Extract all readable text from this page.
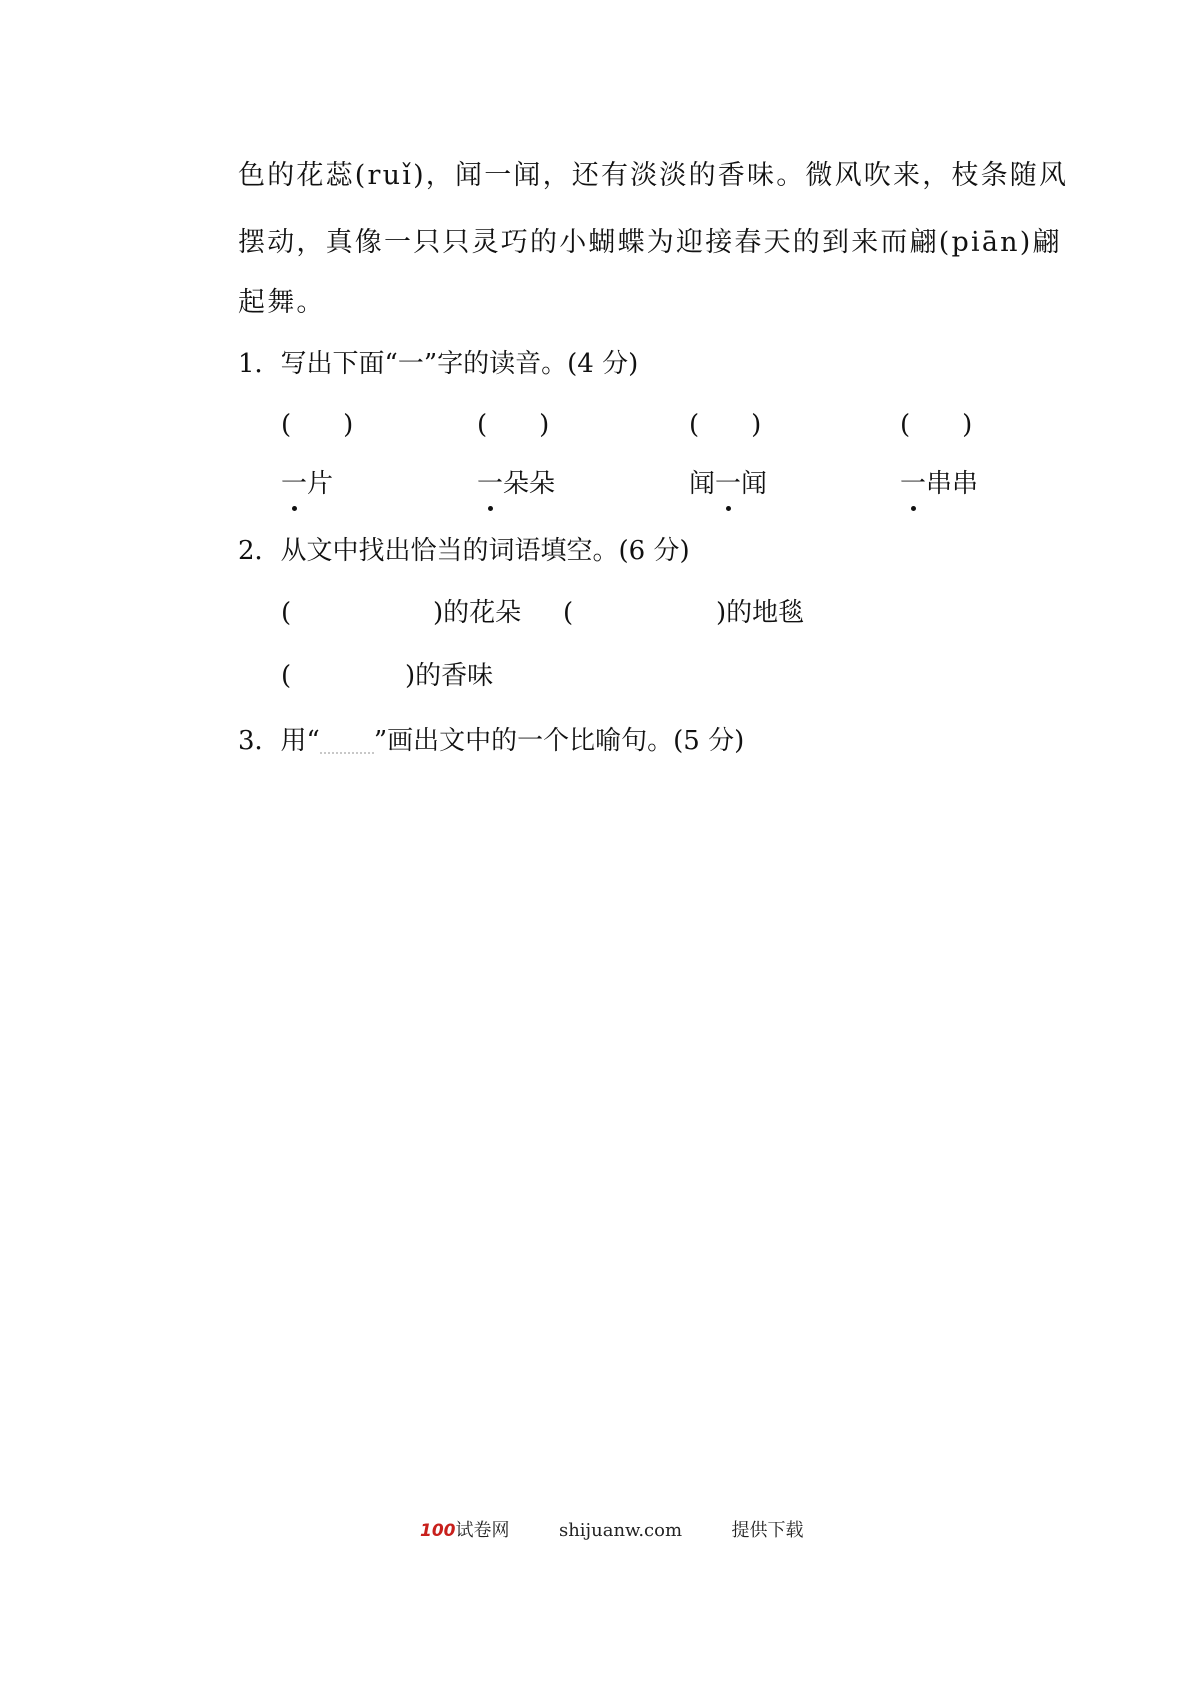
色的花蕊(ruǐ)，闻一闻，还有淡淡的香味。微风吹来，枝条随风
摆动，真像一只只灵巧的小蝴蝶为迎接春天的到来而翩(piān)翩
起舞。
1．写出下面“一”字的读音。(4 分)
(　　)	(　　)	(　　)	(　　)
一片	一朵朵	闻一闻	一串串
2．从文中找出恰当的词语填空。(6 分)
(	)的花朵 (	)的地毯
(	)的香味
3．用“ ”画出文中的一个比喻句。(5 分)
100试卷网	shijuanw.com	提供下载
